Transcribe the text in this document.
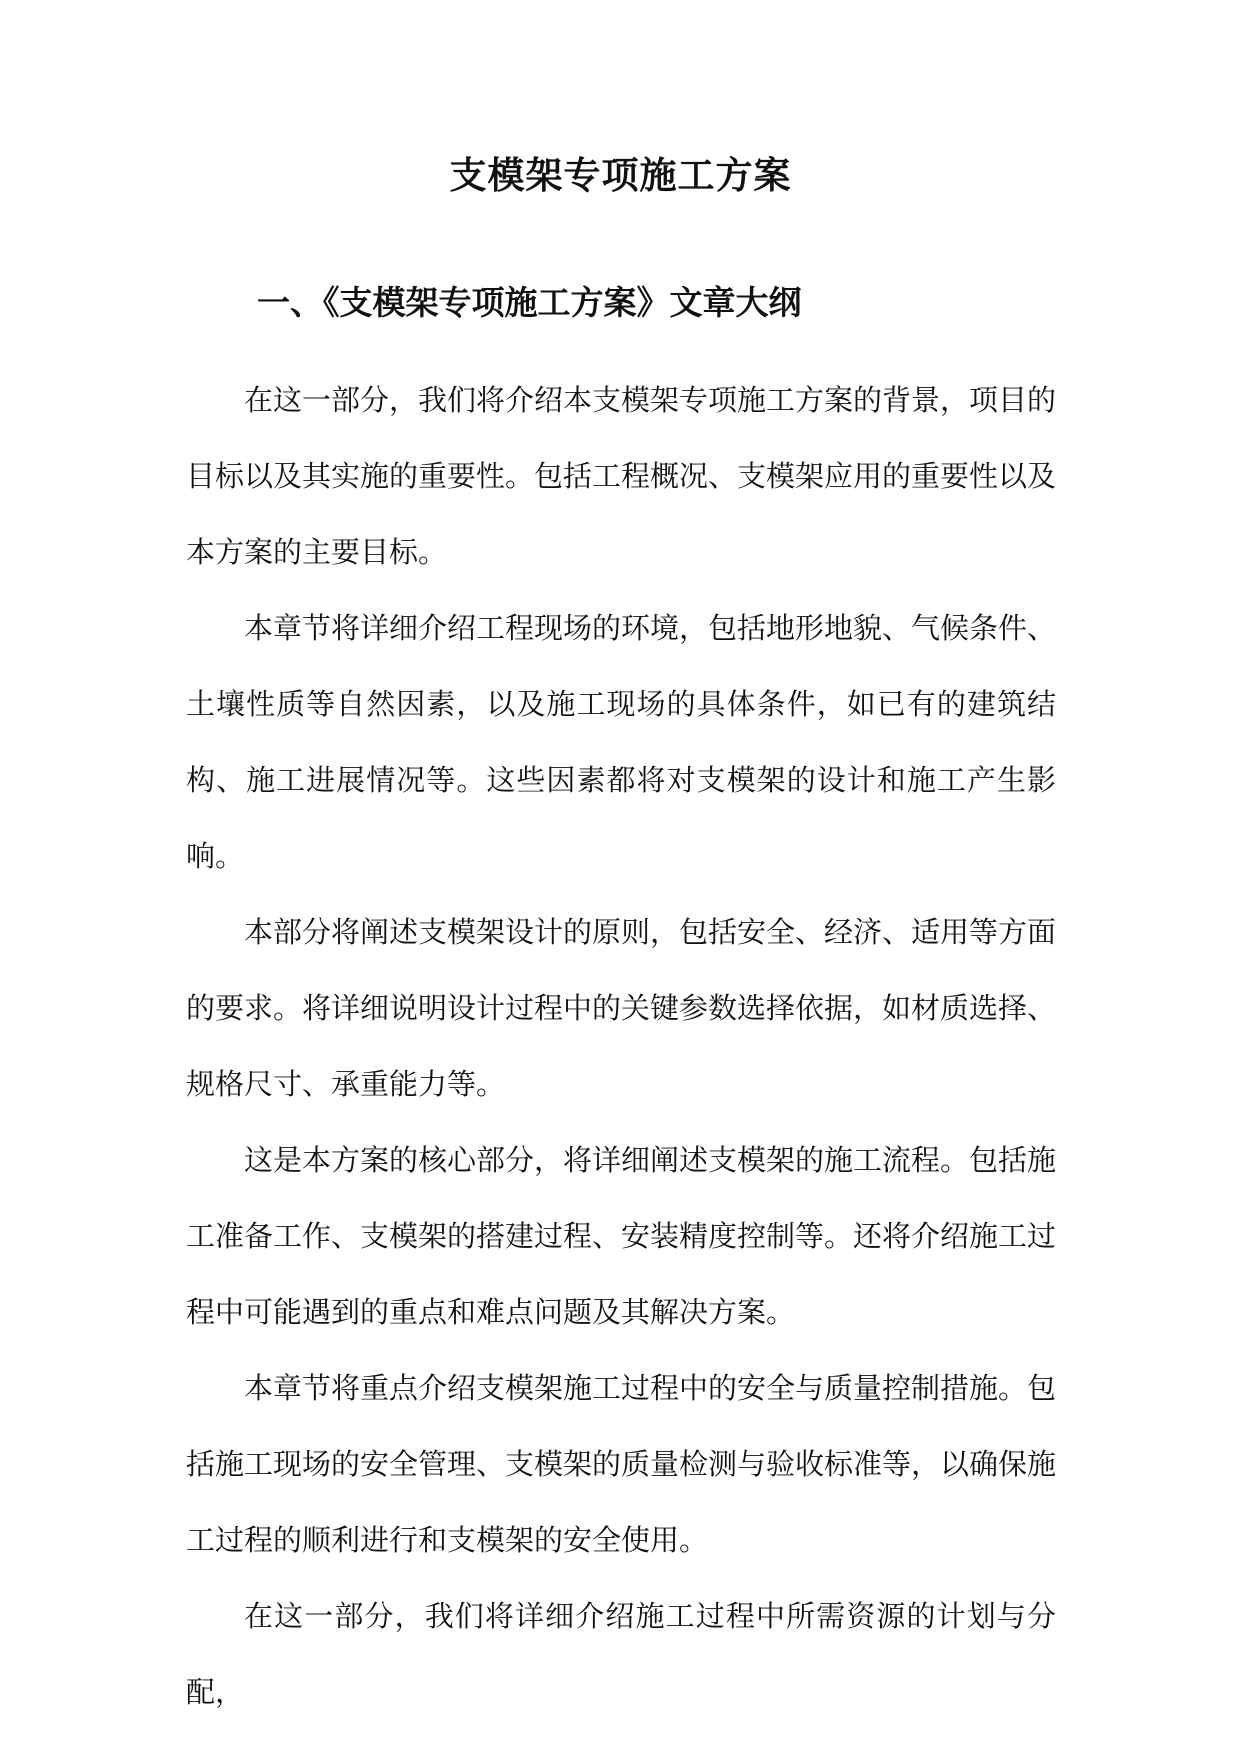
支模架专项施工方案
一、《支模架专项施工方案》文章大纲

在这一部分，我们将介绍本支模架专项施工方案的背景，项目的目标以及其实施的重要性。包括工程概况、支模架应用的重要性以及本方案的主要目标。

本章节将详细介绍工程现场的环境，包括地形地貌、气候条件、土壤性质等自然因素，以及施工现场的具体条件，如已有的建筑结构、施工进展情况等。这些因素都将对支模架的设计和施工产生影响。

本部分将阐述支模架设计的原则，包括安全、经济、适用等方面的要求。将详细说明设计过程中的关键参数选择依据，如材质选择、规格尺寸、承重能力等。

这是本方案的核心部分，将详细阐述支模架的施工流程。包括施工准备工作、支模架的搭建过程、安装精度控制等。还将介绍施工过程中可能遇到的重点和难点问题及其解决方案。

本章节将重点介绍支模架施工过程中的安全与质量控制措施。包括施工现场的安全管理、支模架的质量检测与验收标准等，以确保施工过程的顺利进行和支模架的安全使用。

在这一部分，我们将详细介绍施工过程中所需资源的计划与分配，
